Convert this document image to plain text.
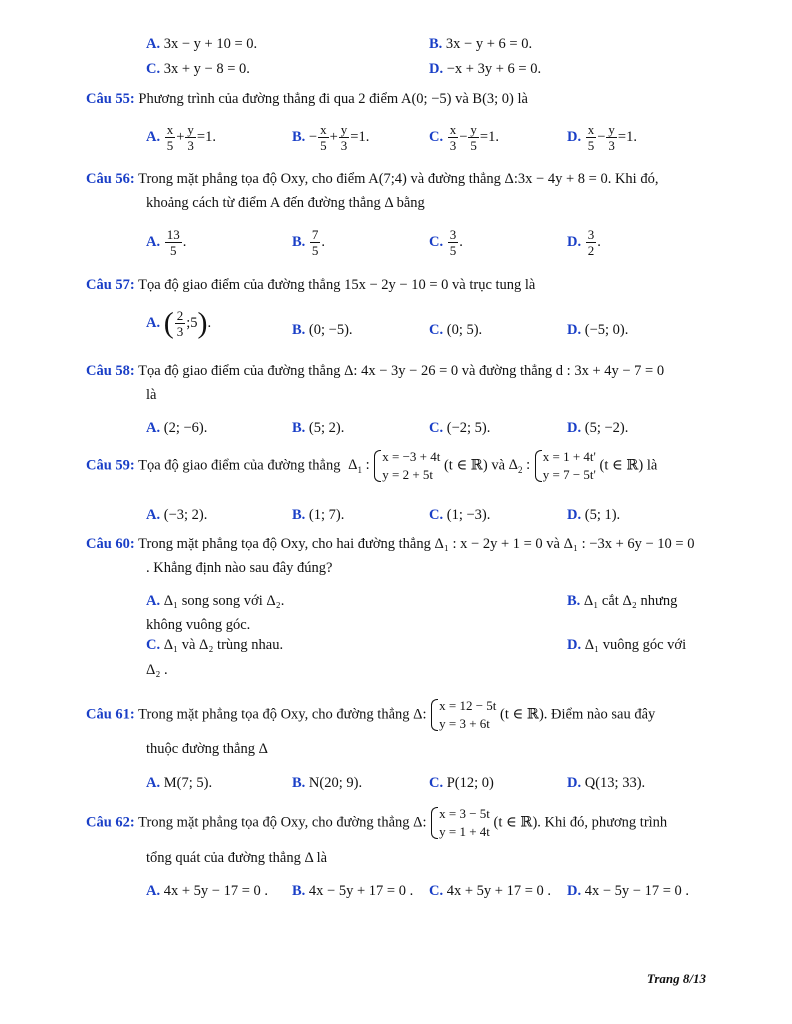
A. 3x − y + 10 = 0.	B. 3x − y + 6 = 0.
C. 3x + y − 8 = 0.	D. −x + 3y + 6 = 0.
Câu 55: Phương trình của đường thẳng đi qua 2 điểm A(0; −5) và B(3; 0) là
A. $\frac{x}{5} + \frac{y}{3} =1$.	B. − $\frac{x}{5} + \frac{y}{3} =1$.	C. $\frac{x}{3} - \frac{y}{5} =1$.	D. $\frac{x}{5} - \frac{y}{3} =1$.
Câu 56: Trong mặt phẳng tọa độ Oxy, cho điểm A(7;4) và đường thẳng Δ:3x − 4y + 8 = 0. Khi đó,
khoảng cách từ điểm A đến đường thẳng Δ bằng
A. $\frac{13}{5}$ .	B. $\frac{7}{5}$ .	C. $\frac{3}{5}$ .	D. $\frac{3}{2}$ .
Câu 57: Tọa độ giao điểm của đường thẳng 15x − 2y − 10 = 0 và trục tung là
A. ( $\frac{2}{3}$ ;5).	B. (0; −5).	C. (0; 5).	D. (−5; 0).
Câu 58: Tọa độ giao điểm của đường thẳng Δ: 4x − 3y − 26 = 0 và đường thẳng d : 3x + 4y − 7 = 0
là
A. (2; −6).	B. (5; 2).	C. (−2; 5).	D. (5; −2).
Câu 59: Tọa độ giao điểm của đường thẳng $\Delta_1$ :
x = −3 + 4t
y = 2 + 5t
(t ∈ ℝ) và $\Delta_2$ :
x = 1 + 4t'
y = 7 − 5t'
(t ∈ ℝ) là
A. (−3; 2).	B. (1; 7).	C. (1; −3).	D. (5; 1).
Câu 60: Trong mặt phẳng tọa độ Oxy, cho hai đường thẳng Δ₁ : x − 2y + 1 = 0 và Δ₁ : −3x + 6y − 10 = 0
. Khẳng định nào sau đây đúng?
A. Δ₁ song song với Δ₂.	B. Δ₁ cắt Δ₂ nhưng
không vuông góc.
C. Δ₁ và Δ₂ trùng nhau.	D. Δ₁ vuông góc với
Δ₂ .
Câu 61: Trong mặt phẳng tọa độ Oxy, cho đường thẳng Δ:
x = 12 − 5t
y = 3 + 6t
(t ∈ ℝ). Điểm nào sau đây
thuộc đường thẳng Δ
A. M(7; 5).	B. N(20; 9).	C. P(12; 0)	D. Q(13; 33).
Câu 62: Trong mặt phẳng tọa độ Oxy, cho đường thẳng Δ:
x = 3 − 5t
y = 1 + 4t
(t ∈ ℝ). Khi đó, phương trình
tổng quát của đường thẳng Δ là
A. 4x + 5y − 17 = 0 . B. 4x − 5y + 17 = 0 . C. 4x + 5y + 17 = 0 . D. 4x − 5y − 17 = 0 .
Trang 8/13
